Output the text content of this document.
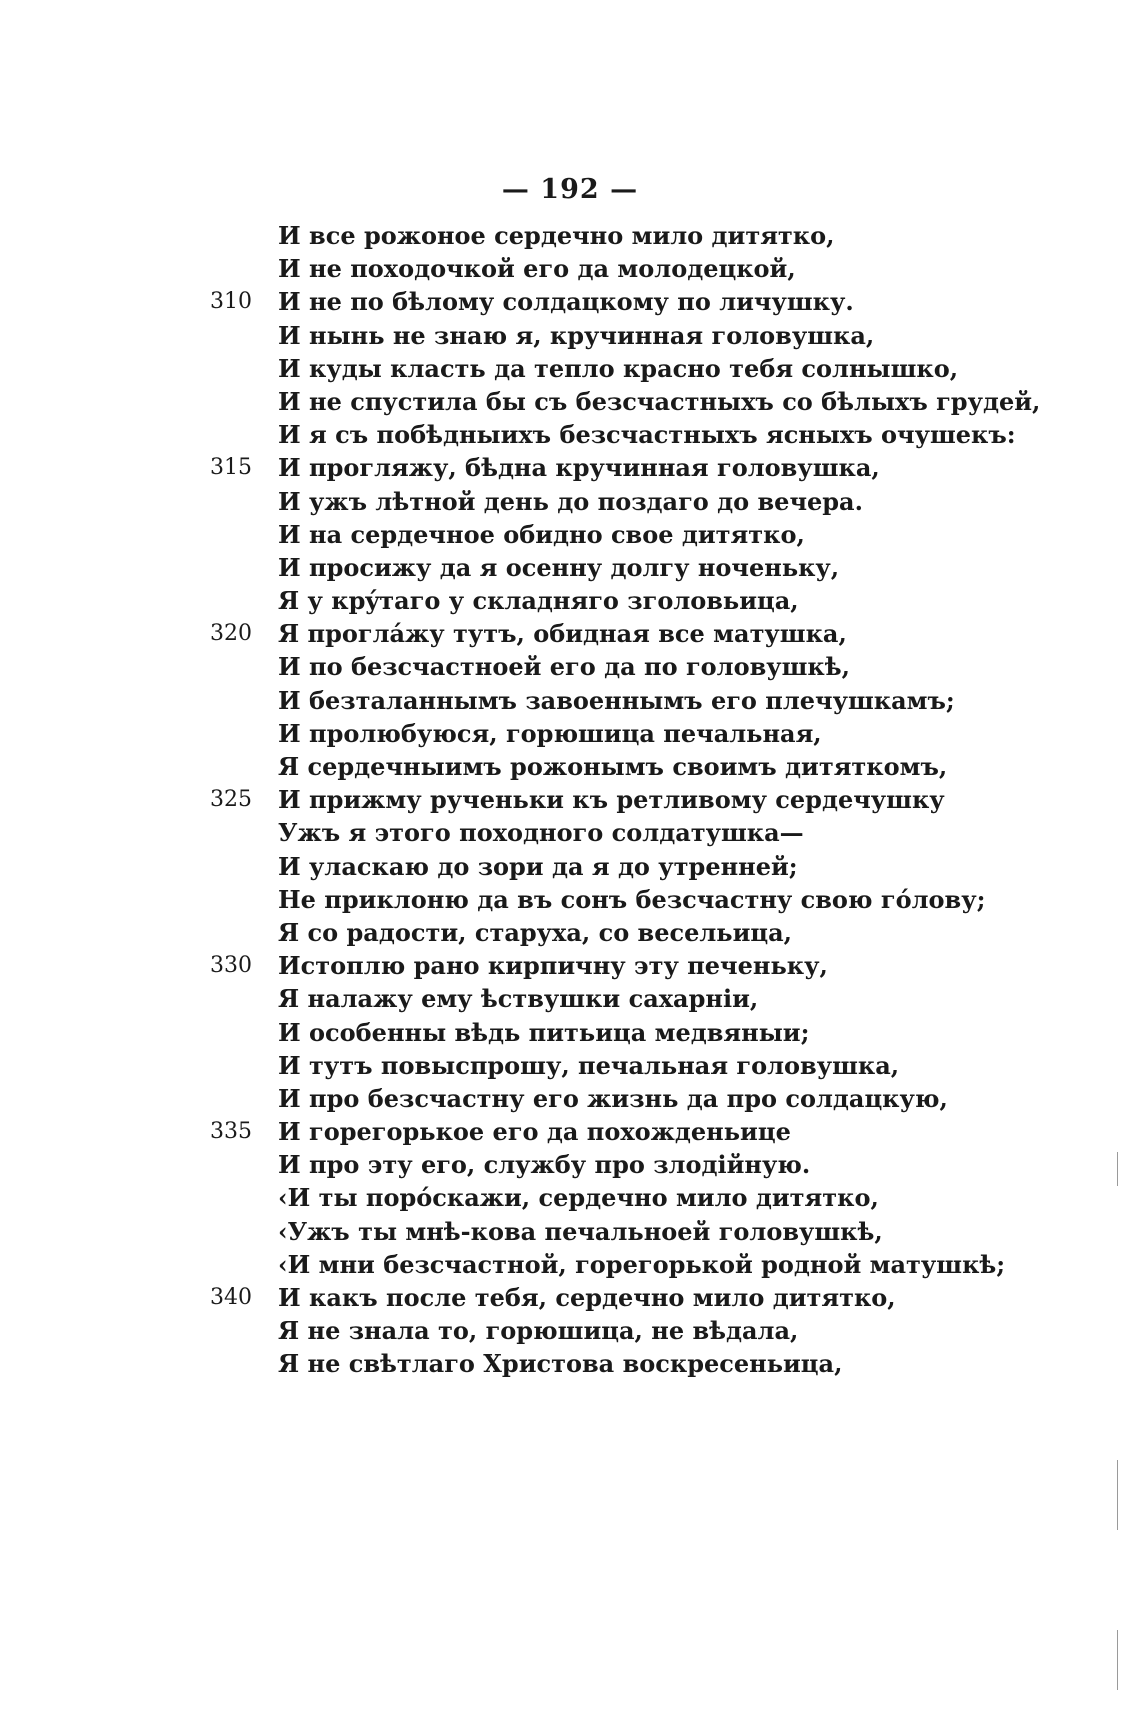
— 192 —
И все рожоное сердечно мило дитятко,
И не походочкой его да молодецкой,
310	И не по бѣлому солдацкому по личушку.
И нынь не знаю я, кручинная головушка,
И куды класть да тепло красно тебя солнышко,
И не спустила бы съ безсчастныхъ со бѣлыхъ грудей,
И я съ побѣдныихъ безсчастныхъ ясныхъ очушекъ:
315	И прогляжу, бѣдна кручинная головушка,
И ужъ лѣтной день до поздаго до вечера.
И на сердечное обидно свое дитятко,
И просижу да я осенну долгу ноченьку,
Я у крýтаго у складняго зголовьица,
320	Я проглáжу тутъ, обидная все матушка,
И по безсчастноей его да по головушкѣ,
И безталаннымъ завоеннымъ его плечушкамъ;
И пролюбуюся, горюшица печальная,
Я сердечныимъ рожонымъ своимъ дитяткомъ,
325	И прижму рученьки къ ретливому сердечушку
Ужъ я этого походного солдатушка—
И уласкаю до зори да я до утренней;
Не приклоню да въ сонъ безсчастну свою гóлову;
Я со радости, старуха, со весельица,
330	Истоплю рано кирпичну эту печеньку,
Я налажу ему ѣствушки сахарніи,
И особенны вѣдь питьица медвяныи;
И тутъ повыспрошу, печальная головушка,
И про безсчастну его жизнь да про солдацкую,
335	И горегорькое его да похожденьице
И про эту его, службу про злодійную.
‹И ты порóскажи, сердечно мило дитятко,
‹Ужъ ты мнѣ-кова печальноей головушкѣ,
‹И мни безсчастной, горегорькой родной матушкѣ;
340	И какъ после тебя, сердечно мило дитятко,
Я не знала то, горюшица, не вѣдала,
Я не свѣтлаго Христова воскресеньица,
